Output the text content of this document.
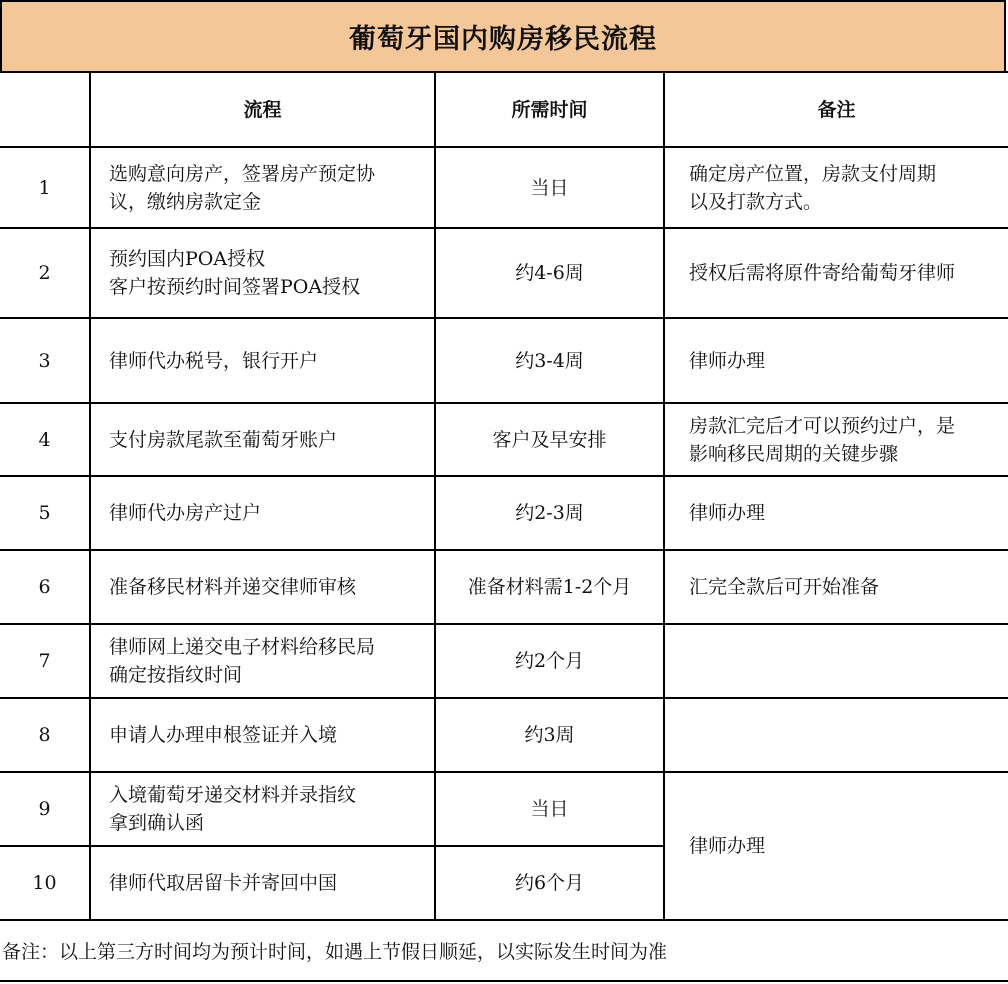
葡萄牙国内购房移民流程
	流程	所需时间	备注
1	选购意向房产，签署房产预定协
议，缴纳房款定金	当日	确定房产位置，房款支付周期
以及打款方式。

2	预约国内POA授权
客户按预约时间签署POA授权	约4-6周	授权后需将原件寄给葡萄牙律师

3	律师代办税号，银行开户	约3-4周	律师办理

4	支付房款尾款至葡萄牙账户	客户及早安排	房款汇完后才可以预约过户，是
影响移民周期的关键步骤

5	律师代办房产过户	约2-3周	律师办理

6	准备移民材料并递交律师审核	准备材料需1-2个月	汇完全款后可开始准备

7	律师网上递交电子材料给移民局
确定按指纹时间	约2个月	
8	申请人办理申根签证并入境	约3周	
9	入境葡萄牙递交材料并录指纹
拿到确认函	当日	律师办理

10	律师代取居留卡并寄回中国	约6个月	
备注：以上第三方时间均为预计时间，如遇上节假日顺延，以实际发生时间为准
